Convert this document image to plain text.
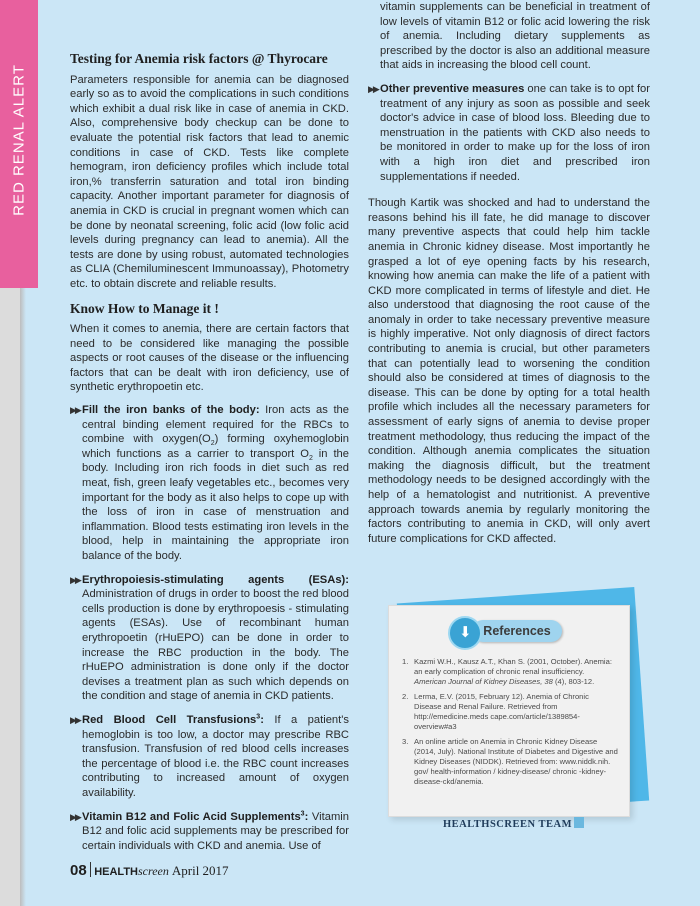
RED RENAL ALERT
Testing for Anemia risk factors @ Thyrocare

Parameters responsible for anemia can be diagnosed early so as to avoid the complications in such conditions which exhibit a dual risk like in case of anemia in CKD. Also, comprehensive body checkup can be done to evaluate the potential risk factors that lead to anemic conditions in case of CKD. Tests like complete hemogram, iron deficiency profiles which include total iron,% transferrin saturation and total iron binding capacity. Another important parameter for diagnosis of anemia in CKD is crucial in pregnant women which can be done by neonatal screening, folic acid (low folic acid levels during pregnancy can lead to anemia). All the tests are done by using robust, automated technologies as CLIA (Chemiluminescent Immunoassay), Photometry etc. to obtain discrete and reliable results.

Know How to Manage it !

When it comes to anemia, there are certain factors that need to be considered like managing the possible aspects or root causes of the disease or the influencing factors that can be dealt with iron deficiency, use of synthetic erythropoetin etc.

▶▶ Fill the iron banks of the body: Iron acts as the central binding element required for the RBCs to combine with $oxygen(O_2)$ forming oxyhemoglobin which functions as a carrier to transport $O_2$ in the body. Including iron rich foods in diet such as red meat, fish, green leafy vegetables etc., becomes very important for the body as it also helps to cope up with the loss of iron in case of menstruation and inflammation. Blood tests estimating iron levels in the blood, help in maintaining the appropriate iron balance of the body.
▶▶ Erythropoiesis-stimulating agents (ESAs): Administration of drugs in order to boost the red blood cells production is done by erythropoesis - stimulating agents (ESAs). Use of recombinant human erythropoetin (rHuEPO) can be done in order to increase the RBC production in the body. The rHuEPO administration is done only if the doctor devises a treatment plan as such which depends on the condition and stage of anemia in CKD patients.
▶▶ Red Blood Cell Transfusions$^3$: If a patient's hemoglobin is too low, a doctor may prescribe RBC transfusion. Transfusion of red blood cells increases the percentage of blood i.e. the RBC count increases contributing to increased amount of oxygen availability.
▶▶ Vitamin B12 and Folic Acid Supplements$^3$: Vitamin B12 and folic acid supplements may be prescribed for certain individuals with CKD and anemia. Use of
vitamin supplements can be beneficial in treatment of low levels of vitamin B12 or folic acid lowering the risk of anemia. Including dietary supplements as prescribed by the doctor is also an additional measure that aids in increasing the blood cell count.
▶▶ Other preventive measures one can take is to opt for treatment of any injury as soon as possible and seek doctor's advice in case of blood loss. Bleeding due to menstruation in the patients with CKD also needs to be monitored in order to make up for the loss of iron with a high iron diet and prescribed iron supplementations if needed.

Though Kartik was shocked and had to understand the reasons behind his ill fate, he did manage to discover many preventive aspects that could help him tackle anemia in Chronic kidney disease. Most importantly he grasped a lot of eye opening facts by his research, knowing how anemia can make the life of a patient with CKD more complicated in terms of lifestyle and diet. He also understood that diagnosing the root cause of the anomaly in order to take necessary preventive measure is highly imperative. Not only diagnosis of direct factors contributing to anemia is crucial, but other parameters that can potentially lead to worsening the condition should also be considered at times of diagnosis to the disease. This can be done by opting for a total health profile which includes all the necessary parameters for assessment of early signs of anemia to devise proper treatment methodology, thus reducing the impact of the condition. Although anemia complicates the situation making the diagnosis difficult, but the treatment methodology needs to be designed accordingly with the help of a hematologist and nutritionist. A preventive approach towards anemia by regularly monitoring the factors contributing to anemia in CKD, will only avert future complications for CKD affected.

References
⬇
1. Kazmi W.H., Kausz A.T., Khan S. (2001, October). Anemia: an early complication of chronic renal insufficiency. American Journal of Kidney Diseases, 38 (4), 803-12.
2. Lerma, E.V. (2015, February 12). Anemia of Chronic Disease and Renal Failure. Retrieved from http://emedicine.meds cape.com/article/1389854-overview#a3
3. An online article on Anemia in Chronic Kidney Disease (2014, July). National Institute of Diabetes and Digestive and Kidney Diseases (NIDDK). Retrieved from: www.niddk.nih. gov/ health-information / kidney-disease/ chronic -kidney-disease-ckd/anemia.
HEALTHSCREEN TEAM
08 HEALTHscreen April 2017
